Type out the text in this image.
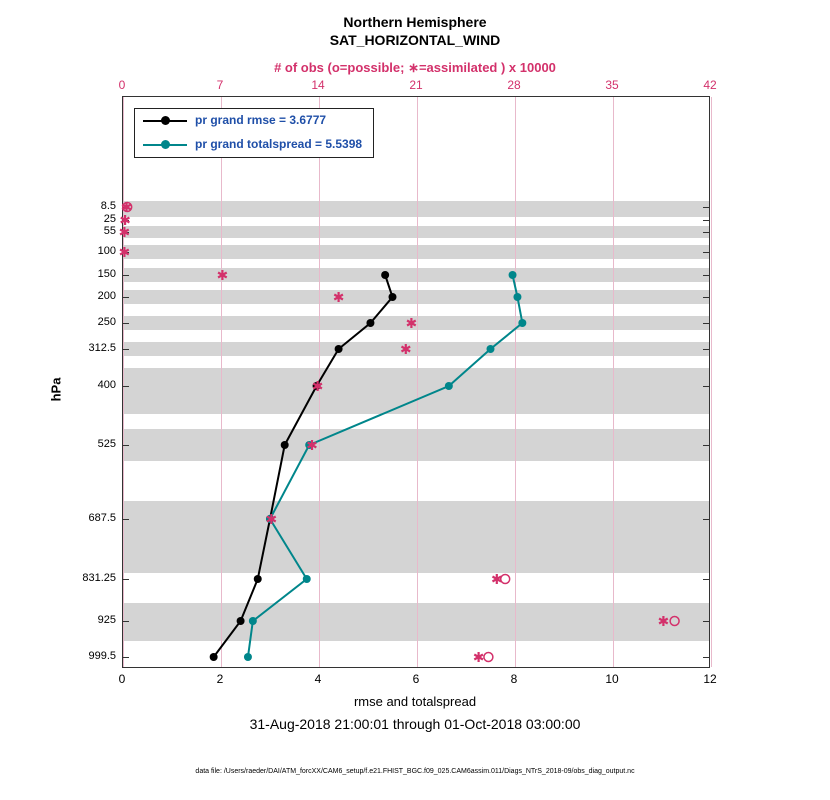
Northern Hemisphere
SAT_HORIZONTAL_WIND
# of obs (o=possible; ∗=assimilated ) x 10000
hPa
rmse and totalspread
31-Aug-2018 21:00:01 through 01-Oct-2018 03:00:00
data file: /Users/raeder/DAI/ATM_forcXX/CAM6_setup/f.e21.FHIST_BGC.f09_025.CAM6assim.011/Diags_NTrS_2018-09/obs_diag_output.nc
pr grand rmse = 3.6777
pr grand totalspread = 5.5398
0	7	14	21	28	35	42
0	2	4	6	8	10	12
8.5
25
55
100
150
200
250
312.5
400
525
687.5
831.25
925
999.5
